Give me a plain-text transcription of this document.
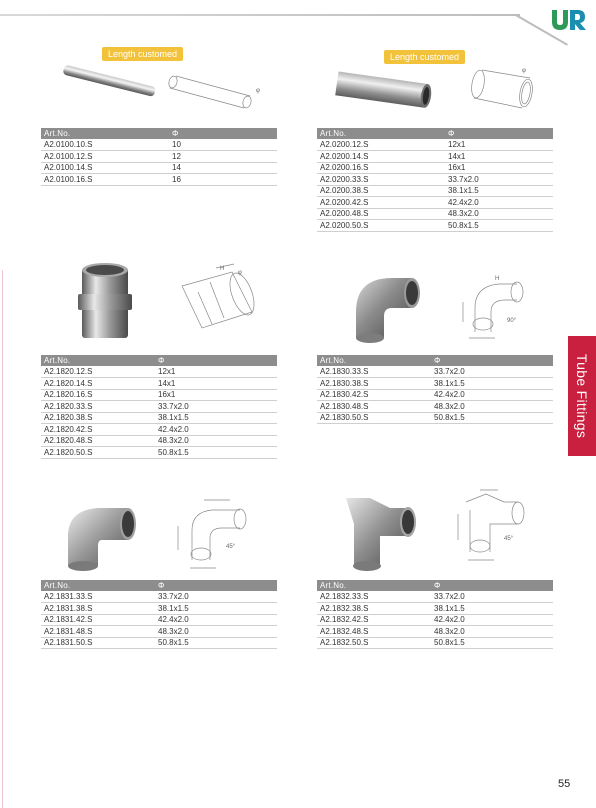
Tube Fittings
55
Length customed	Length customed
φ
φ
H
φ
H
90°
45°
45°
Art.No.	Φ
A2.0100.10.S	10
A2.0100.12.S	12
A2.0100.14.S	14
A2.0100.16.S	16
Art.No.	Φ
A2.0200.12.S	12x1
A2.0200.14.S	14x1
A2.0200.16.S	16x1
A2.0200.33.S	33.7x2.0
A2.0200.38.S	38.1x1.5
A2.0200.42.S	42.4x2.0
A2.0200.48.S	48.3x2.0
A2.0200.50.S	50.8x1.5
Art.No.	Φ
A2.1820.12.S	12x1
A2.1820.14.S	14x1
A2.1820.16.S	16x1
A2.1820.33.S	33.7x2.0
A2.1820.38.S	38.1x1.5
A2.1820.42.S	42.4x2.0
A2.1820.48.S	48.3x2.0
A2.1820.50.S	50.8x1.5
Art.No.	Φ
A2.1830.33.S	33.7x2.0
A2.1830.38.S	38.1x1.5
A2.1830.42.S	42.4x2.0
A2.1830.48.S	48.3x2.0
A2.1830.50.S	50.8x1.5
Art.No.	Φ
A2.1831.33.S	33.7x2.0
A2.1831.38.S	38.1x1.5
A2.1831.42.S	42.4x2.0
A2.1831.48.S	48.3x2.0
A2.1831.50.S	50.8x1.5
Art.No.	Φ
A2.1832.33.S	33.7x2.0
A2.1832.38.S	38.1x1.5
A2.1832.42.S	42.4x2.0
A2.1832.48.S	48.3x2.0
A2.1832.50.S	50.8x1.5
